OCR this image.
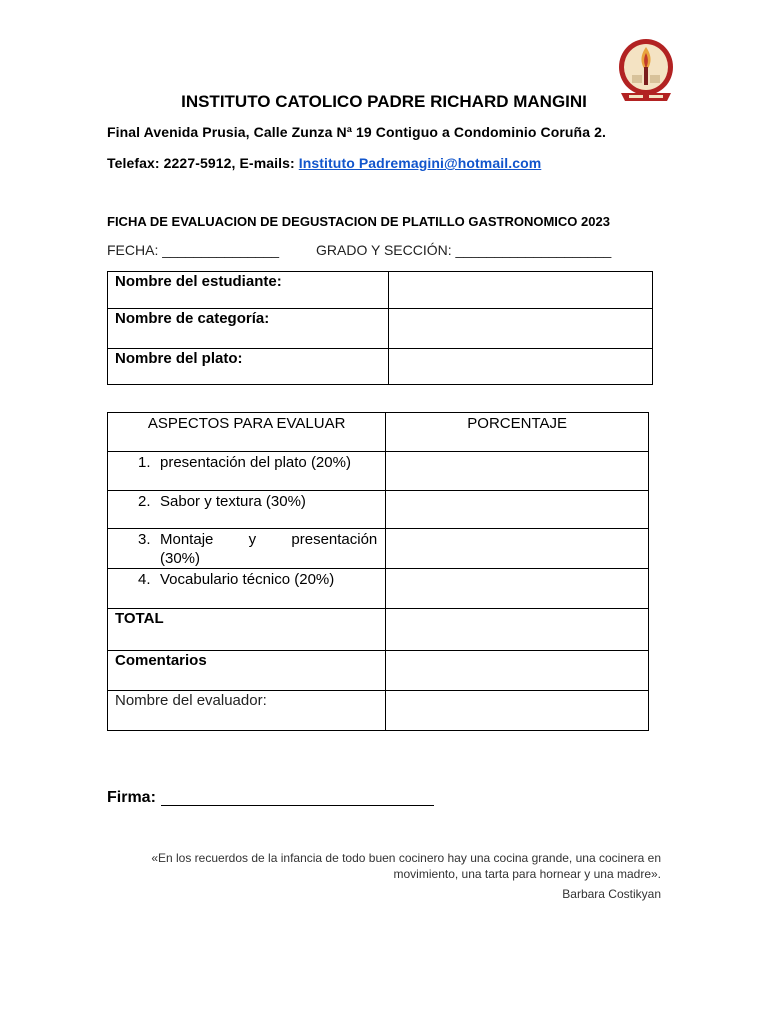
INSTITUTO CATOLICO PADRE RICHARD MANGINI
Final Avenida Prusia, Calle Zunza Nª 19 Contiguo a Condominio Coruña 2.
Telefax: 2227-5912, E-mails: Instituto Padremagini@hotmail.com
FICHA DE EVALUACION DE DEGUSTACION DE PLATILLO GASTRONOMICO 2023
FECHA: _______________	GRADO Y SECCIÓN: ____________________
Nombre del estudiante:	
Nombre de categoría:	
Nombre del plato:	
ASPECTOS PARA EVALUAR	PORCENTAJE

1. presentación del plato (20%)	

2. Sabor y textura (30%)	

3. Montaje y presentación
(30%)	

4. Vocabulario técnico (20%)	

TOTAL	
Comentarios	
Nombre del evaluador:	
Firma:
«En los recuerdos de la infancia de todo buen cocinero hay una cocina grande, una cocinera en
movimiento, una tarta para hornear y una madre».
Barbara Costikyan
